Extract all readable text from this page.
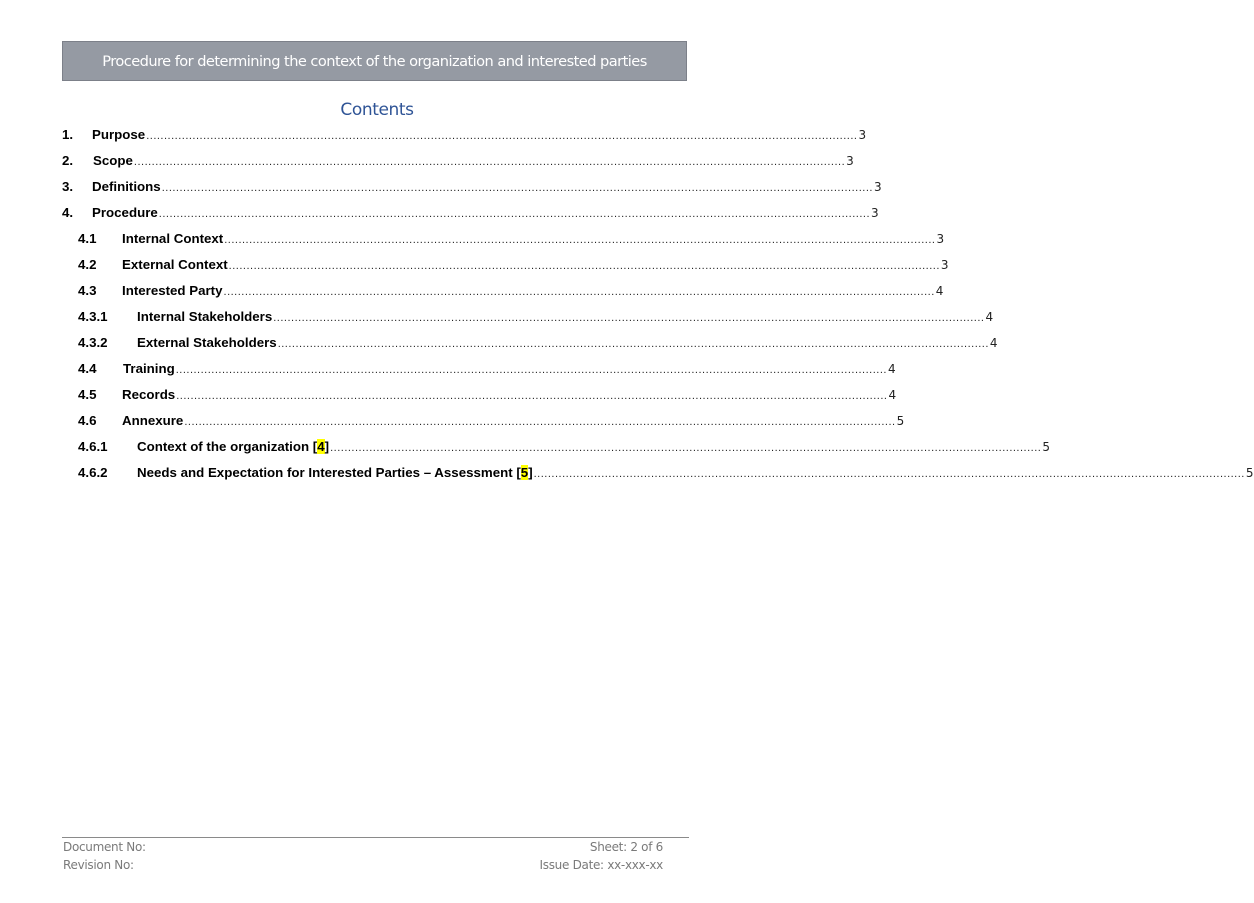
Procedure for determining the context of the organization and interested parties
Contents
1.	Purpose ........................................................................................................................................................................................................ 3
2.	Scope ........................................................................................................................................................................................................ 3
3.	Definitions ........................................................................................................................................................................................................ 3
4.	Procedure ........................................................................................................................................................................................................ 3
4.1	Internal Context ........................................................................................................................................................................................................ 3
4.2	External Context ........................................................................................................................................................................................................ 3
4.3	Interested Party ........................................................................................................................................................................................................ 4
4.3.1	Internal Stakeholders ........................................................................................................................................................................................................ 4
4.3.2	External Stakeholders ........................................................................................................................................................................................................ 4
4.4	Training ........................................................................................................................................................................................................ 4
4.5	Records ........................................................................................................................................................................................................ 4
4.6	Annexure ........................................................................................................................................................................................................ 5
4.6.1	Context of the organization [4] ........................................................................................................................................................................................................ 5
4.6.2	Needs and Expectation for Interested Parties – Assessment [5] ........................................................................................................................................................................................................ 5
Document No:
Revision No:
Sheet: 2 of 6
Issue Date: xx-xxx-xx
